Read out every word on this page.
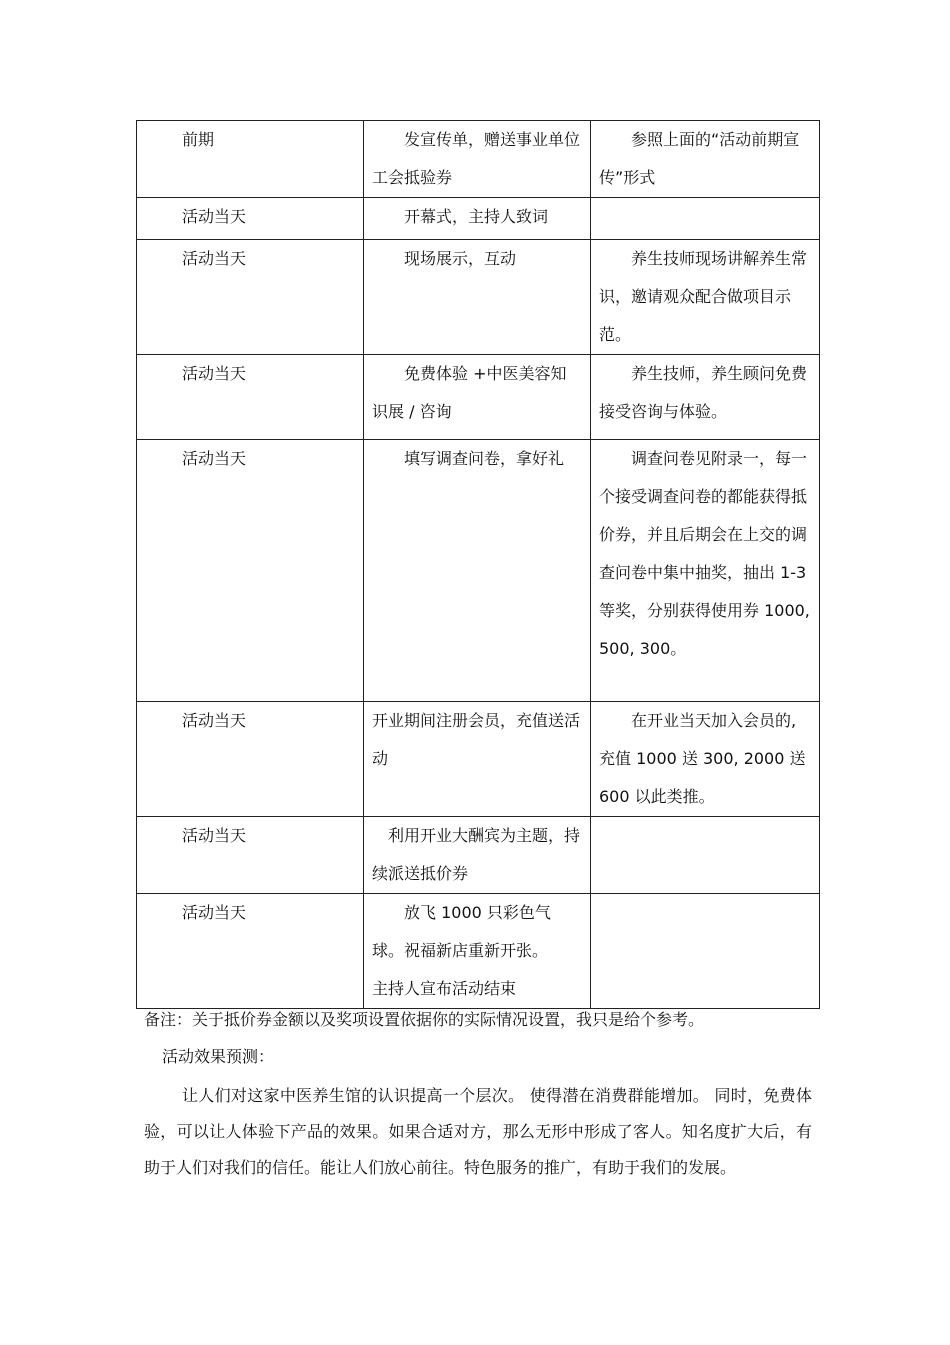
前期	发宣传单，赠送事业单位工会抵验券	参照上面的“活动前期宣传”形式

活动当天	开幕式，主持人致词	

活动当天	现场展示，互动	养生技师现场讲解养生常识，邀请观众配合做项目示范。

活动当天	免费体验 +中医美容知识展 / 咨询	养生技师，养生顾问免费接受咨询与体验。

活动当天	填写调查问卷，拿好礼	调查问卷见附录一，每一个接受调查问卷的都能获得抵价券，并且后期会在上交的调查问卷中集中抽奖，抽出 1-3 等奖，分别获得使用券 1000, 500, 300。

活动当天	开业期间注册会员，充值送活动	在开业当天加入会员的, 充值 1000 送 300, 2000 送 600 以此类推。

活动当天	利用开业大酬宾为主题，持续派送抵价券	

活动当天	放飞 1000 只彩色气球。祝福新店重新开张。
主持人宣布活动结束	

备注：关于抵价券金额以及奖项设置依据你的实际情况设置，我只是给个参考。
活动效果预测：
让人们对这家中医养生馆的认识提高一个层次。 使得潜在消费群能增加。 同时，免费体验，可以让人体验下产品的效果。如果合适对方，那么无形中形成了客人。知名度扩大后，有助于人们对我们的信任。能让人们放心前往。特色服务的推广，有助于我们的发展。
